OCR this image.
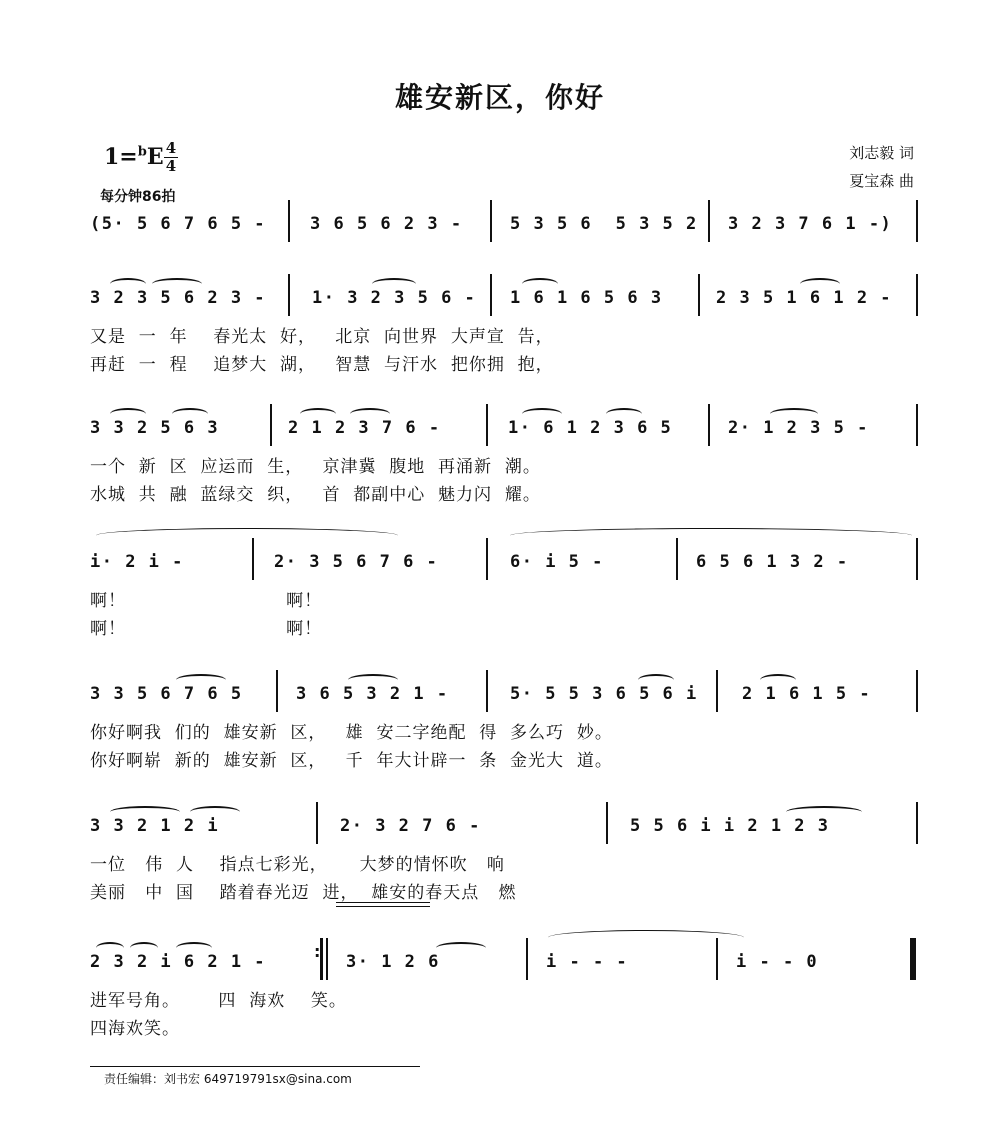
雄安新区，你好
$1=^bE \frac{4}{4}$
每分钟86拍
刘志毅 词
夏宝森 曲
(5· 5 6 7 6 5 -	3 6 5 6 2 3 -	5 3 5 6  5 3 5 2 3 2 3 7 6 1 -)
3 2 3 5 6 2 3 -	1· 3 2 3 5 6 - 1 6 1 6 5 6 3	2 3 5 1 6 1 2 -
又是  一  年    春光太  好，   北京  向世界  大声宣  告，
再赶  一  程    追梦大  湖，   智慧  与汗水  把你拥  抱，
3 3 2 5 6 3	2 1 2 3 7 6 -	1· 6 1 2 3 6 5	2· 1 2 3 5 -
一个  新  区  应运而  生，   京津冀  腹地  再涌新  潮。
水城  共  融  蓝绿交  织，   首  都副中心  魅力闪  耀。
i· 2 i -	2· 3 5 6 7 6 -	6· i 5 -	6 5 6 1 3 2 -
啊！                         啊！
啊！                         啊！
3 3 5 6 7 6 5	3 6 5 3 2 1 -	5· 5 5 3 6 5 6 i	2 1 6 1 5 -
你好啊我  们的  雄安新  区，   雄  安二字绝配  得  多么巧  妙。
你好啊崭  新的  雄安新  区，   千  年大计辟一  条  金光大  道。
3 3 2 1 2 i	2· 3 2 7 6 -	5 5 6 i i 2 1 2 3
一位   伟  人    指点七彩光，     大梦的情怀吹   响
美丽   中  国    踏着春光迈  进，  雄安的春天点   燃
2 3 2 i 6 2 1 -
:
3· 1 2 6	i - - -	i - - 0
进军号角。      四  海欢    笑。
四海欢笑。
责任编辑：刘书宏 649719791sx@sina.com
